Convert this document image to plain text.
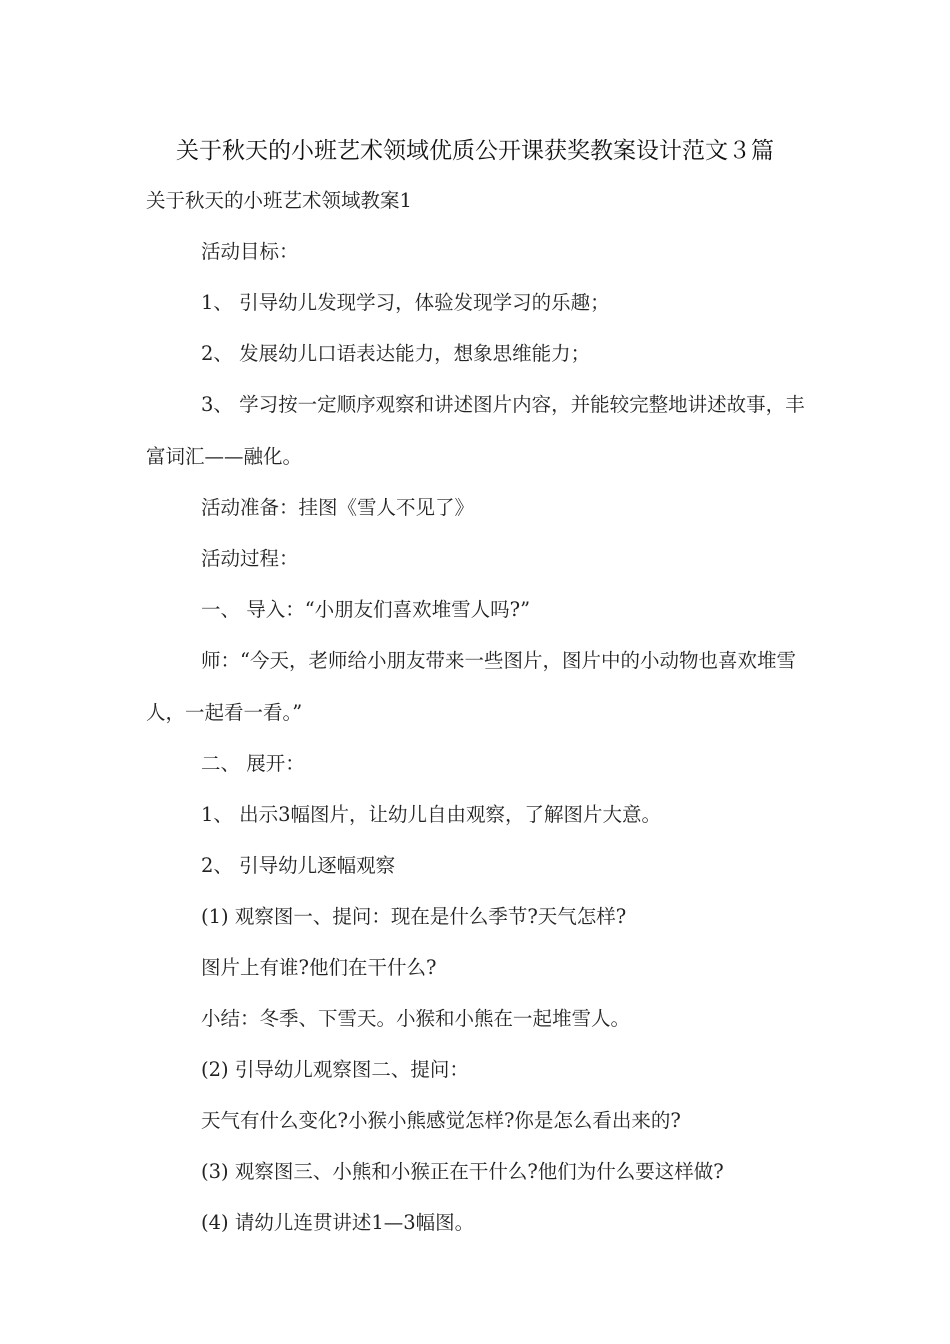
关于秋天的小班艺术领域优质公开课获奖教案设计范文３篇

关于秋天的小班艺术领域教案1

活动目标：

1、 引导幼儿发现学习，体验发现学习的乐趣；

2、 发展幼儿口语表达能力，想象思维能力；

3、 学习按一定顺序观察和讲述图片内容，并能较完整地讲述故事，丰富词汇——融化。

活动准备：挂图《雪人不见了》

活动过程：

一、 导入：“小朋友们喜欢堆雪人吗?”

师：“今天，老师给小朋友带来一些图片，图片中的小动物也喜欢堆雪人，一起看一看。”

二、 展开：

1、 出示3幅图片，让幼儿自由观察，了解图片大意。

2、 引导幼儿逐幅观察

(1) 观察图一、提问：现在是什么季节?天气怎样?

图片上有谁?他们在干什么?

小结：冬季、下雪天。小猴和小熊在一起堆雪人。

(2) 引导幼儿观察图二、提问：

天气有什么变化?小猴小熊感觉怎样?你是怎么看出来的?

(3) 观察图三、小熊和小猴正在干什么?他们为什么要这样做?

(4) 请幼儿连贯讲述1—3幅图。
